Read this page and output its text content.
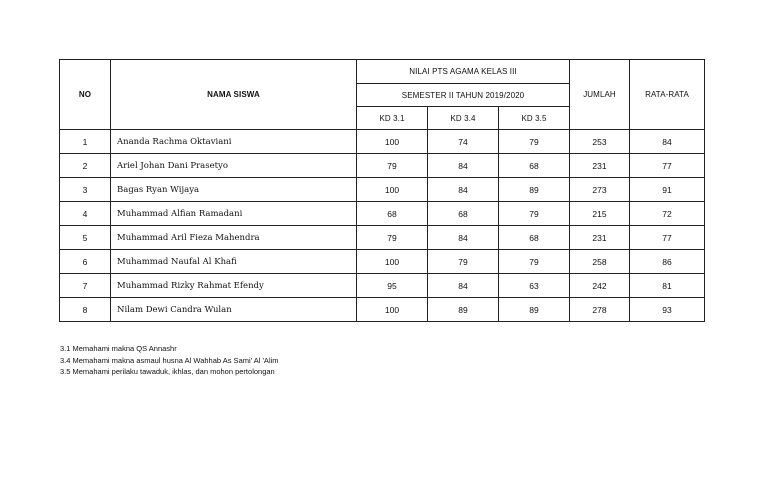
NO	NAMA SISWA	NILAI PTS AGAMA KELAS III			JUMLAH	RATA-RATA
		SEMESTER II TAHUN 2019/2020				
		KD 3.1	KD 3.4	KD 3.5		
1	Ananda Rachma Oktaviani	100	74	79	253	84
2	Ariel Johan Dani Prasetyo	79	84	68	231	77
3	Bagas Ryan Wijaya	100	84	89	273	91
4	Muhammad Alfian Ramadani	68	68	79	215	72
5	Muhammad Aril Fieza Mahendra	79	84	68	231	77
6	Muhammad Naufal Al Khafi	100	79	79	258	86
7	Muhammad Rizky Rahmat Efendy	95	84	63	242	81
8	Nilam Dewi Candra Wulan	100	89	89	278	93
3.1 Memahami makna QS Annashr
3.4 Memahami makna asmaul husna Al Wahhab As Sami' Al 'Alim
3.5 Memahami perilaku tawaduk, ikhlas, dan mohon pertolongan
